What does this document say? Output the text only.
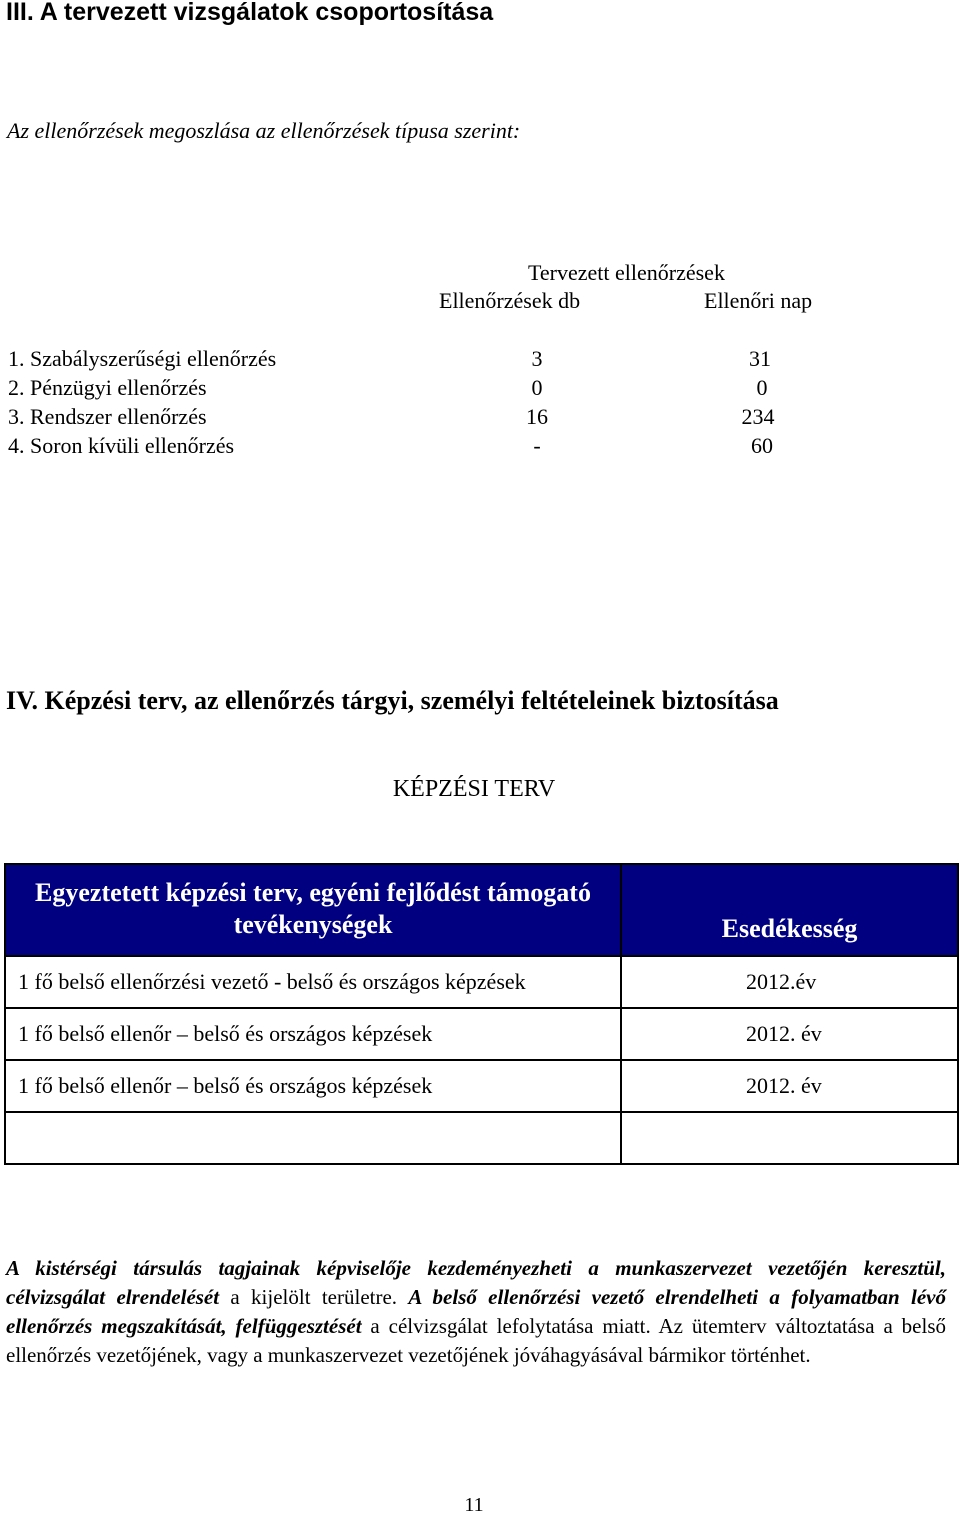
III. A tervezett vizsgálatok csoportosítása
Az ellenőrzések megoszlása az ellenőrzések típusa szerint:
Tervezett ellenőrzések
Ellenőrzések db	Ellenőri nap
1. Szabályszerűségi ellenőrzés	3	31
2. Pénzügyi ellenőrzés	0	0
3. Rendszer ellenőrzés	16	234
4. Soron kívüli ellenőrzés	-	60
IV. Képzési terv, az ellenőrzés tárgyi, személyi feltételeinek biztosítása
KÉPZÉSI TERV
Egyeztetett képzési terv, egyéni fejlődést támogató tevékenységek	Esedékesség
1 fő belső ellenőrzési vezető - belső és országos képzések	2012.év
1 fő belső ellenőr – belső és országos képzések	2012. év
1 fő belső ellenőr – belső és országos képzések	2012. év

A kistérségi társulás tagjainak képviselője kezdeményezheti a munkaszervezet vezetőjén keresztül, célvizsgálat elrendelését a kijelölt területre. A belső ellenőrzési vezető elrendelheti a folyamatban lévő ellenőrzés megszakítását, felfüggesztését a célvizsgálat lefolytatása miatt. Az ütemterv változtatása a belső ellenőrzés vezetőjének, vagy a munkaszervezet vezetőjének jóváhagyásával bármikor történhet.
11
